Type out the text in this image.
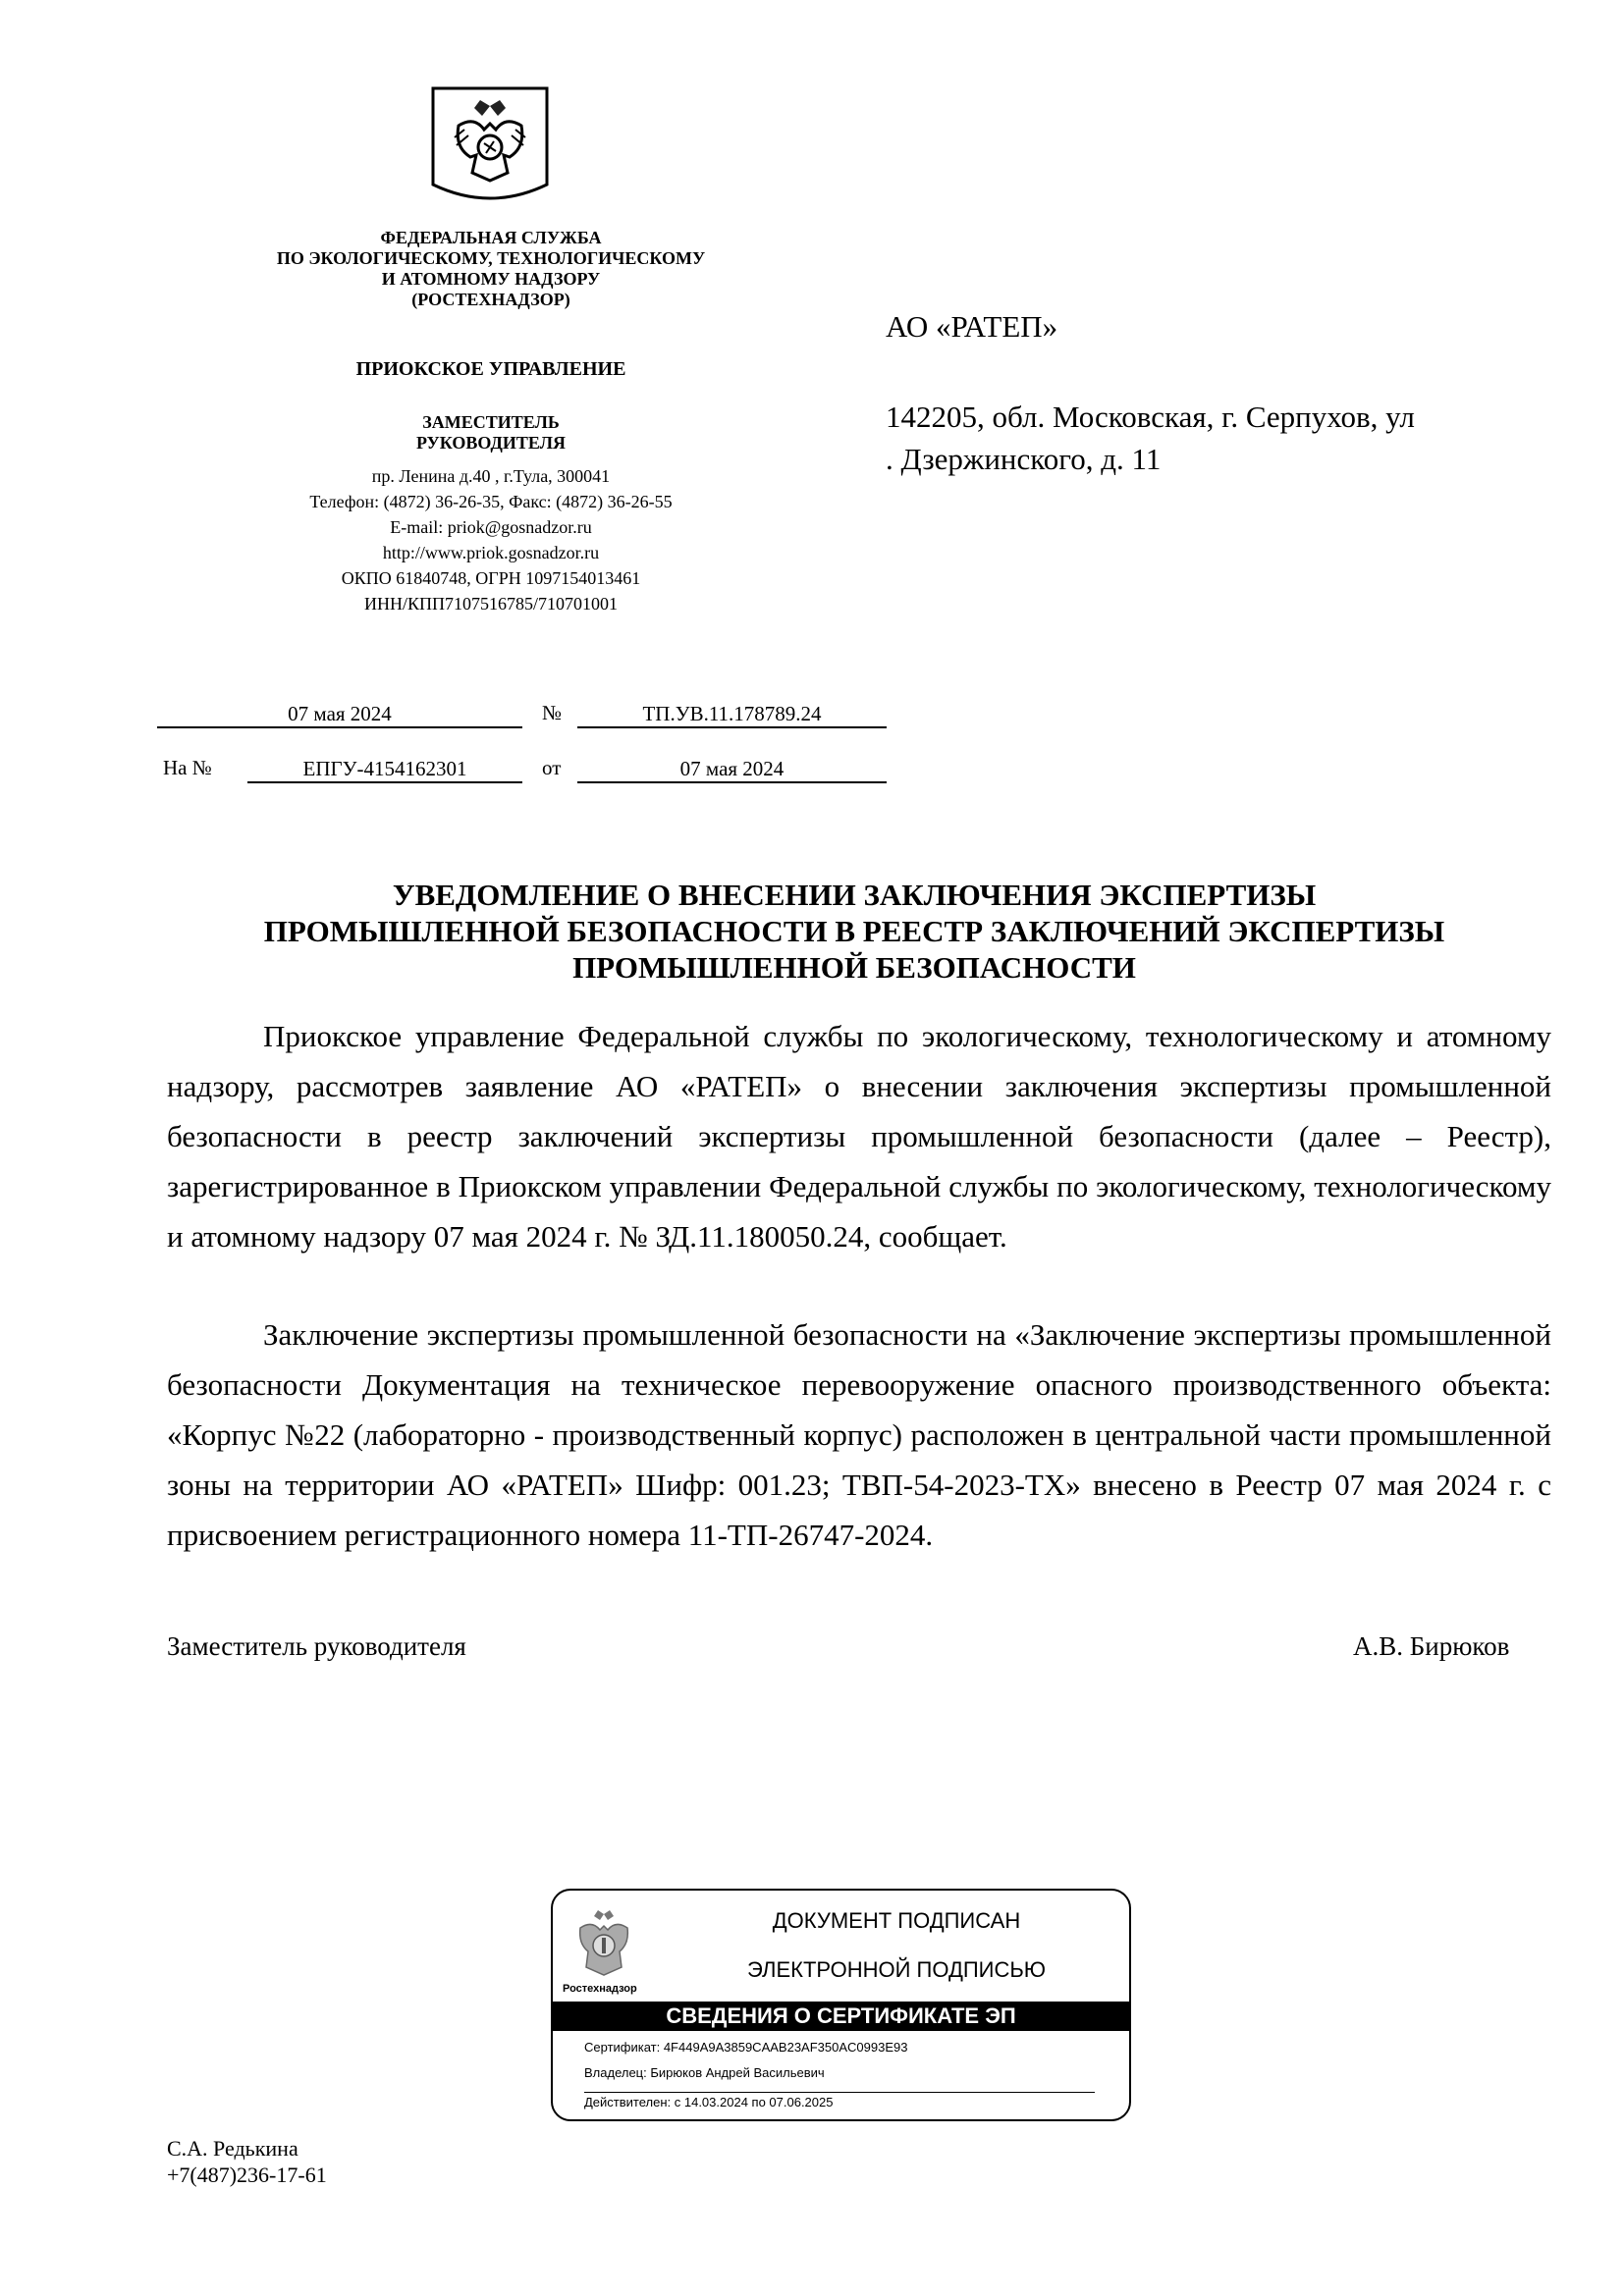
ФЕДЕРАЛЬНАЯ СЛУЖБА
ПО ЭКОЛОГИЧЕСКОМУ, ТЕХНОЛОГИЧЕСКОМУ
И АТОМНОМУ НАДЗОРУ
(РОСТЕХНАДЗОР)
ПРИОКСКОЕ УПРАВЛЕНИЕ
ЗАМЕСТИТЕЛЬ
РУКОВОДИТЕЛЯ
пр. Ленина д.40 , г.Тула, 300041
Телефон: (4872) 36-26-35, Факс: (4872) 36-26-55
E-mail: priok@gosnadzor.ru
http://www.priok.gosnadzor.ru
ОКПО 61840748, ОГРН 1097154013461
ИНН/КПП7107516785/710701001
АО «РАТЕП»
142205, обл. Московская, г. Серпухов, ул
. Дзержинского, д. 11
07 мая 2024	№	ТП.УВ.11.178789.24
На №	ЕПГУ-4154162301	от	07 мая 2024
УВЕДОМЛЕНИЕ О ВНЕСЕНИИ ЗАКЛЮЧЕНИЯ ЭКСПЕРТИЗЫ
ПРОМЫШЛЕННОЙ БЕЗОПАСНОСТИ В РЕЕСТР ЗАКЛЮЧЕНИЙ ЭКСПЕРТИЗЫ
ПРОМЫШЛЕННОЙ БЕЗОПАСНОСТИ

Приокское управление Федеральной службы по экологическому, технологическому и атомному надзору, рассмотрев заявление АО «РАТЕП» о внесении заключения экспертизы промышленной безопасности в реестр заключений экспертизы промышленной безопасности (далее – Реестр), зарегистрированное в Приокском управлении Федеральной службы по экологическому, технологическому и атомному надзору 07 мая 2024 г. № ЗД.11.180050.24, сообщает.

Заключение экспертизы промышленной безопасности на «Заключение экспертизы промышленной безопасности Документация на техническое перевооружение опасного производственного объекта: «Корпус №22 (лабораторно - производственный корпус) расположен в центральной части промышленной зоны на территории АО «РАТЕП» Шифр: 001.23; ТВП-54-2023-ТХ» внесено в Реестр 07 мая 2024 г. с присвоением регистрационного номера 11-ТП-26747-2024.

Заместитель руководителя	А.В. Бирюков
Ростехнадзор
ДОКУМЕНТ ПОДПИСАН
ЭЛЕКТРОННОЙ ПОДПИСЬЮ
СВЕДЕНИЯ О СЕРТИФИКАТЕ ЭП
Сертификат: 4F449A9A3859CAAB23AF350AC0993E93
Владелец: Бирюков Андрей Васильевич
Действителен: с 14.03.2024 по 07.06.2025
С.А. Редькина
+7(487)236-17-61
